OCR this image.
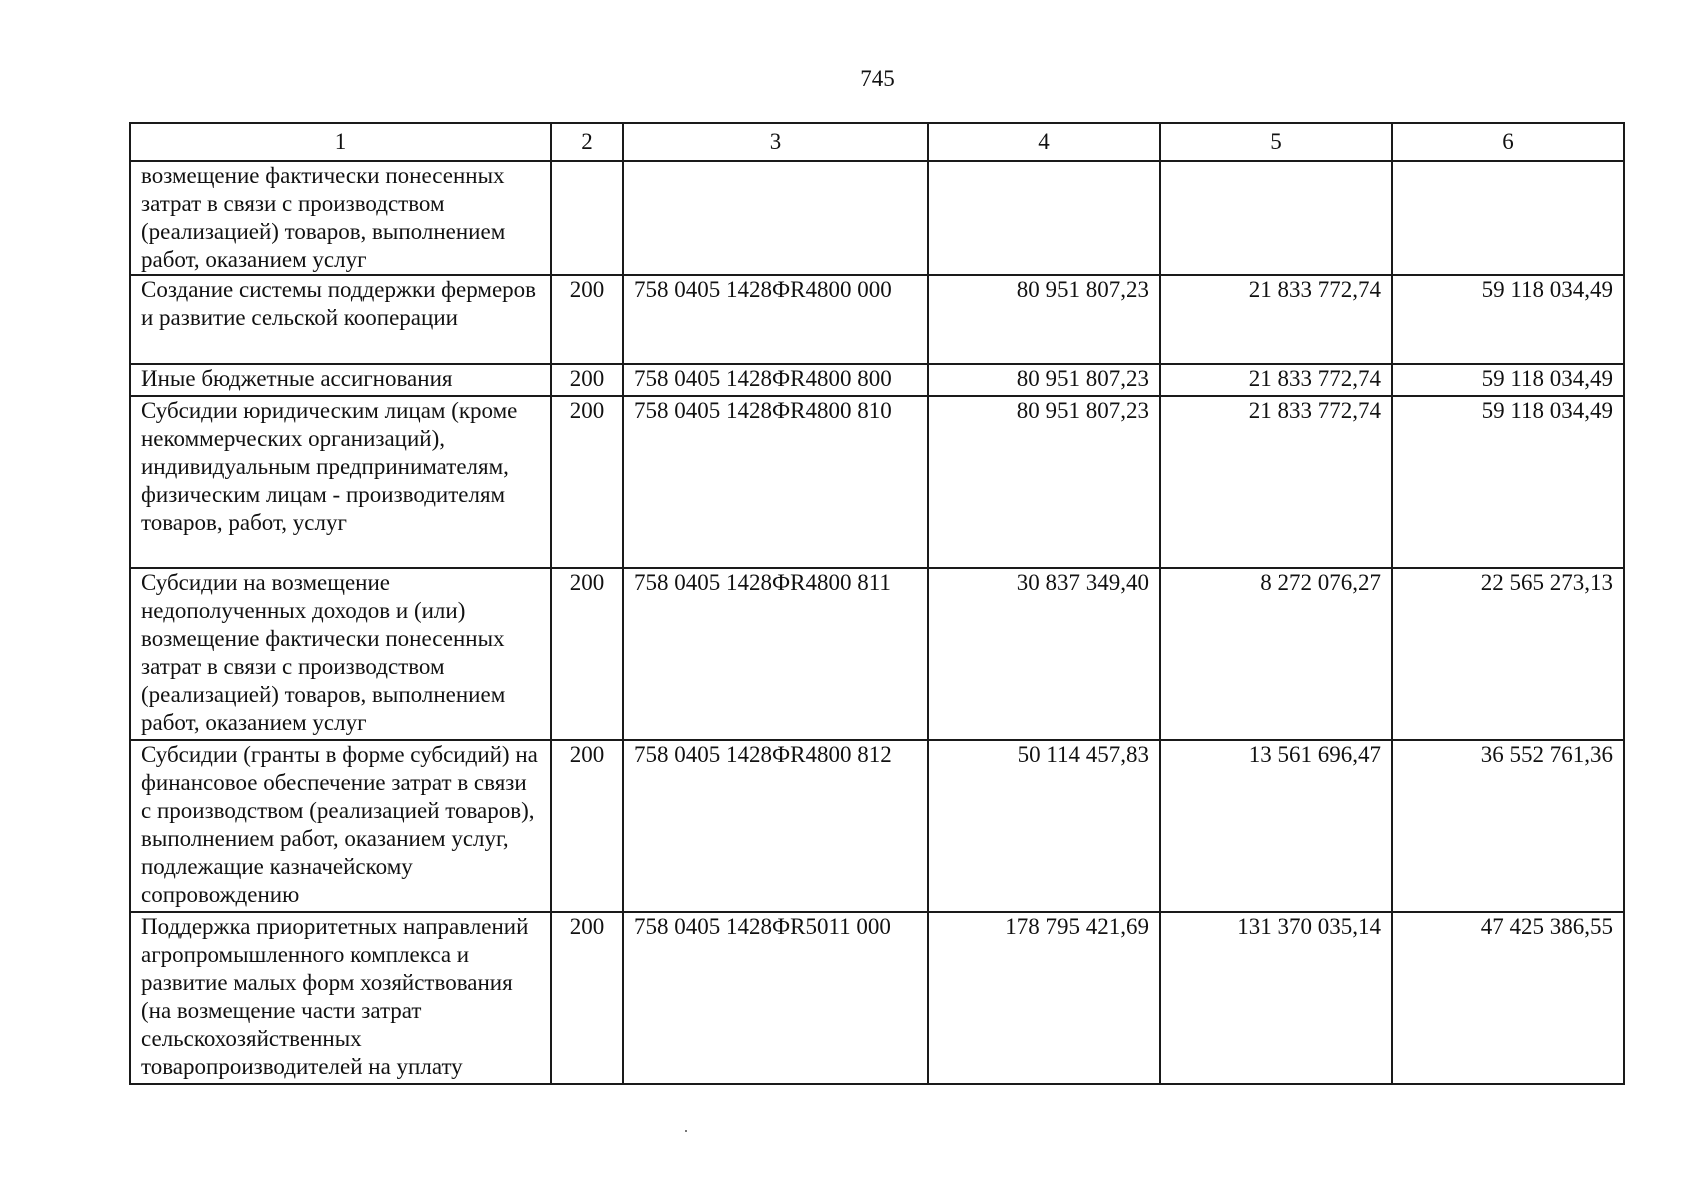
745
1	2	3	4	5	6
возмещение фактически понесенных затрат в связи с производством (реализацией) товаров, выполнением работ, оказанием услуг					
Создание системы поддержки фермеров и развитие сельской кооперации	200	758 0405 1428ФR4800 000	80 951 807,23	21 833 772,74	59 118 034,49
Иные бюджетные ассигнования	200	758 0405 1428ФR4800 800	80 951 807,23	21 833 772,74	59 118 034,49
Субсидии юридическим лицам (кроме некоммерческих организаций), индивидуальным предпринимателям, физическим лицам - производителям товаров, работ, услуг	200	758 0405 1428ФR4800 810	80 951 807,23	21 833 772,74	59 118 034,49
Субсидии на возмещение недополученных доходов и (или) возмещение фактически понесенных затрат в связи с производством (реализацией) товаров, выполнением работ, оказанием услуг	200	758 0405 1428ФR4800 811	30 837 349,40	8 272 076,27	22 565 273,13
Субсидии (гранты в форме субсидий) на финансовое обеспечение затрат в связи с производством (реализацией товаров), выполнением работ, оказанием услуг, подлежащие казначейскому сопровождению	200	758 0405 1428ФR4800 812	50 114 457,83	13 561 696,47	36 552 761,36
Поддержка приоритетных направлений агропромышленного комплекса и развитие малых форм хозяйствования (на возмещение части затрат сельскохозяйственных товаропроизводителей на уплату	200	758 0405 1428ФR5011 000	178 795 421,69	131 370 035,14	47 425 386,55
